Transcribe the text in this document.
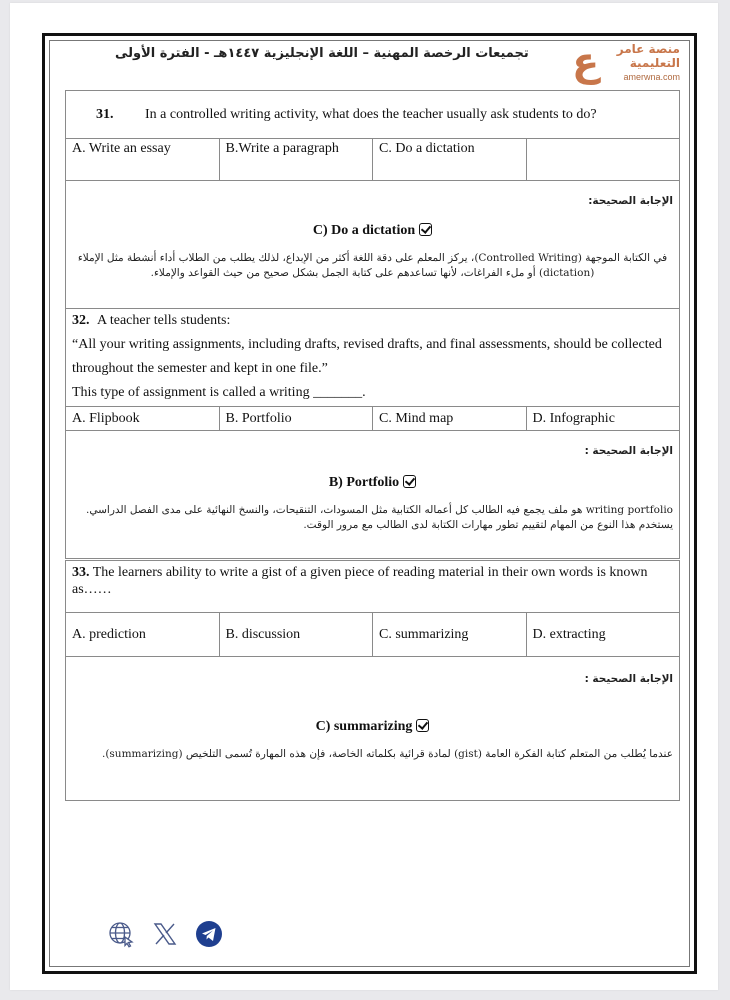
تجميعات الرخصة المهنية – اللغة الإنجليزية ١٤٤٧هـ - الفترة الأولى ع منصة عامر
التعليمية
amerwna.com
31. In a controlled writing activity, what does the teacher usually ask students to do?
A. Write an essay	B.Write a paragraph	C. Do a dictation	

الإجابة الصحيحة:
C) Do a dictation
في الكتابة الموجهة (Controlled Writing)، يركز المعلم على دقة اللغة أكثر من الإبداع، لذلك يطلب من الطلاب أداء أنشطة مثل الإملاء (dictation) أو ملء الفراغات، لأنها تساعدهم على كتابة الجمل بشكل صحيح من حيث القواعد والإملاء.
32. A teacher tells students:
“All your writing assignments, including drafts, revised drafts, and final assessments, should be collected throughout the semester and kept in one file.”
This type of assignment is called a writing _______.
A. Flipbook	B. Portfolio	C. Mind map	D. Infographic

الإجابة الصحيحة :
B) Portfolio
writing portfolio هو ملف يجمع فيه الطالب كل أعماله الكتابية مثل المسودات، التنقيحات، والنسخ النهائية على مدى الفصل الدراسي. يستخدم هذا النوع من المهام لتقييم تطور مهارات الكتابة لدى الطالب مع مرور الوقت.
33. The learners ability to write a gist of a given piece of reading material in their own words is known as……
A. prediction	B. discussion	C. summarizing	D. extracting

الإجابة الصحيحة :
C) summarizing
عندما يُطلب من المتعلم كتابة الفكرة العامة (gist) لمادة قرائية بكلماته الخاصة، فإن هذه المهارة تُسمى التلخيص (summarizing).
